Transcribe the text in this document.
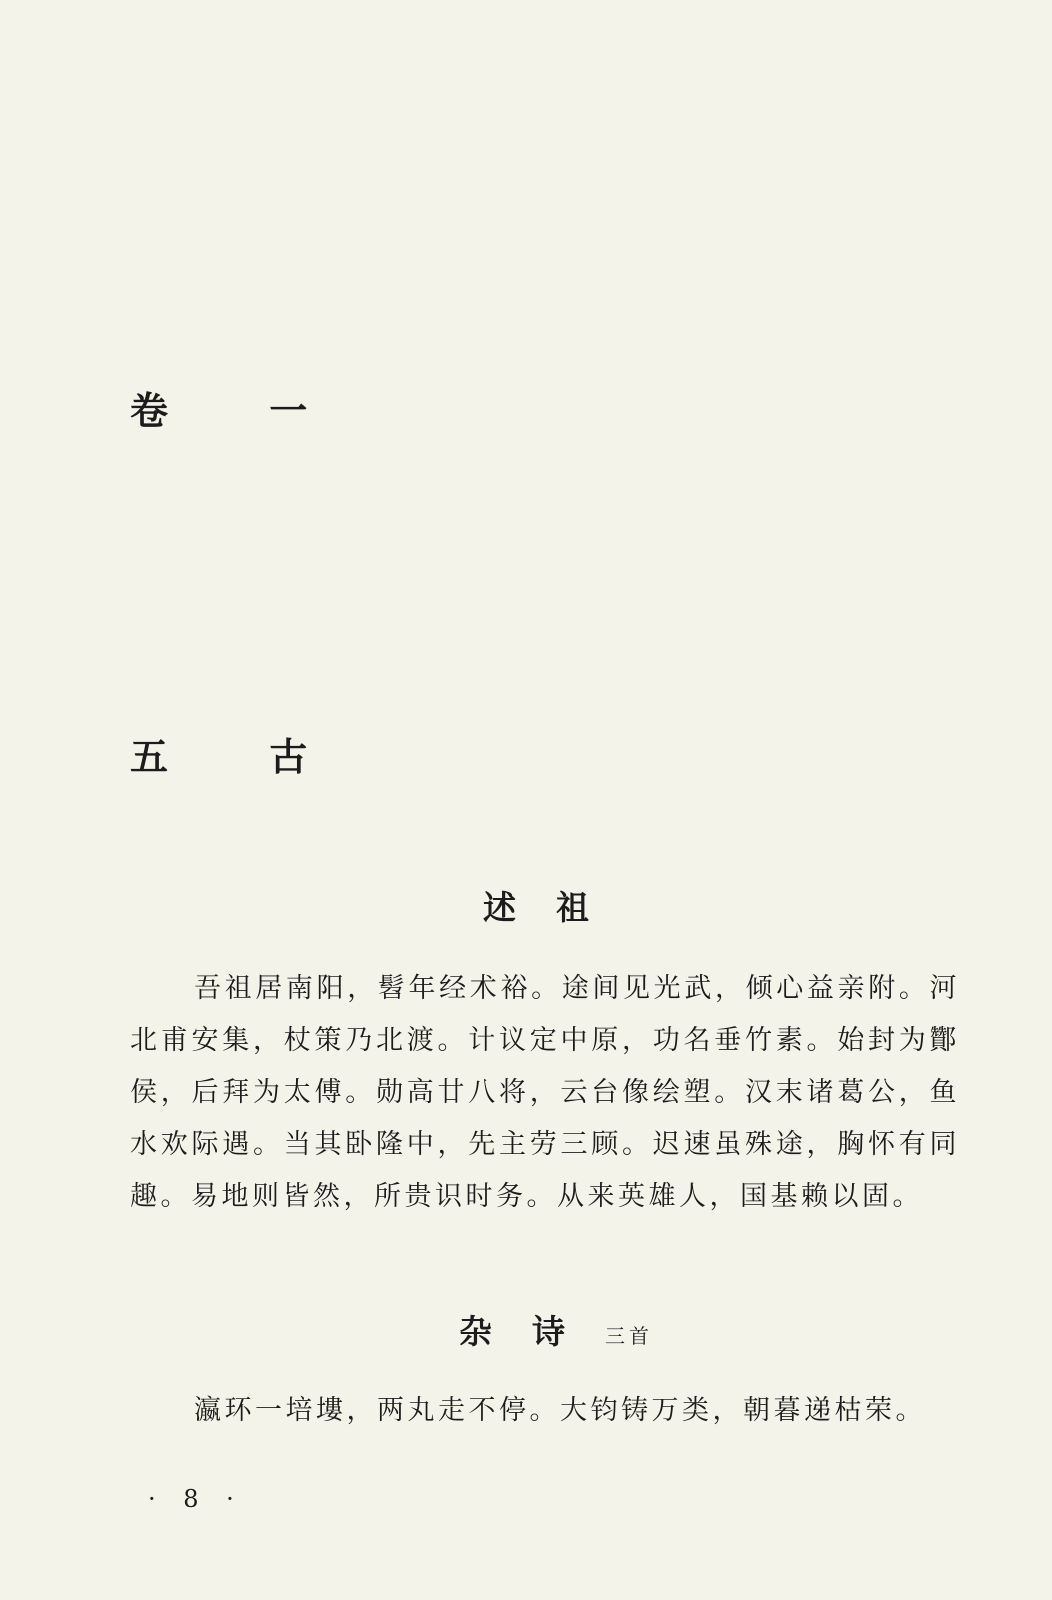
卷 一
五 古
述祖
吾祖居南阳，髫年经术裕。途间见光武，倾心益亲附。河北甫安集，杖策乃北渡。计议定中原，功名垂竹素。始封为酇侯，后拜为太傅。勋高廿八将，云台像绘塑。汉末诸葛公，鱼水欢际遇。当其卧隆中，先主劳三顾。迟速虽殊途，胸怀有同趣。易地则皆然，所贵识时务。从来英雄人，国基赖以固。
杂诗三首
瀛环一培塿，两丸走不停。大钧铸万类，朝暮递枯荣。
· 8 ·
